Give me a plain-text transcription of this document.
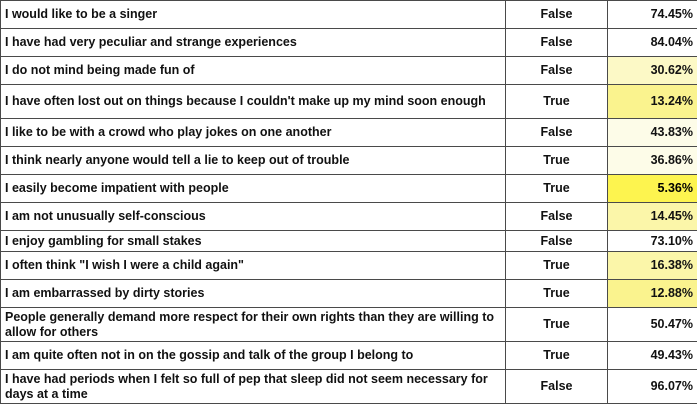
I would like to be a singer	False	74.45%
I have had very peculiar and strange experiences	False	84.04%
I do not mind being made fun of	False	30.62%
I have often lost out on things because I couldn't make up my mind soon enough	True	13.24%
I like to be with a crowd who play jokes on one another	False	43.83%
I think nearly anyone would tell a lie to keep out of trouble	True	36.86%
I easily become impatient with people	True	5.36%
I am not unusually self-conscious	False	14.45%
I enjoy gambling for small stakes	False	73.10%
I often think "I wish I were a child again"	True	16.38%
I am embarrassed by dirty stories	True	12.88%
People generally demand more respect for their own rights than they are willing to allow for others	True	50.47%
I am quite often not in on the gossip and talk of the group I belong to	True	49.43%
I have had periods when I felt so full of pep that sleep did not seem necessary for days at a time	False	96.07%
